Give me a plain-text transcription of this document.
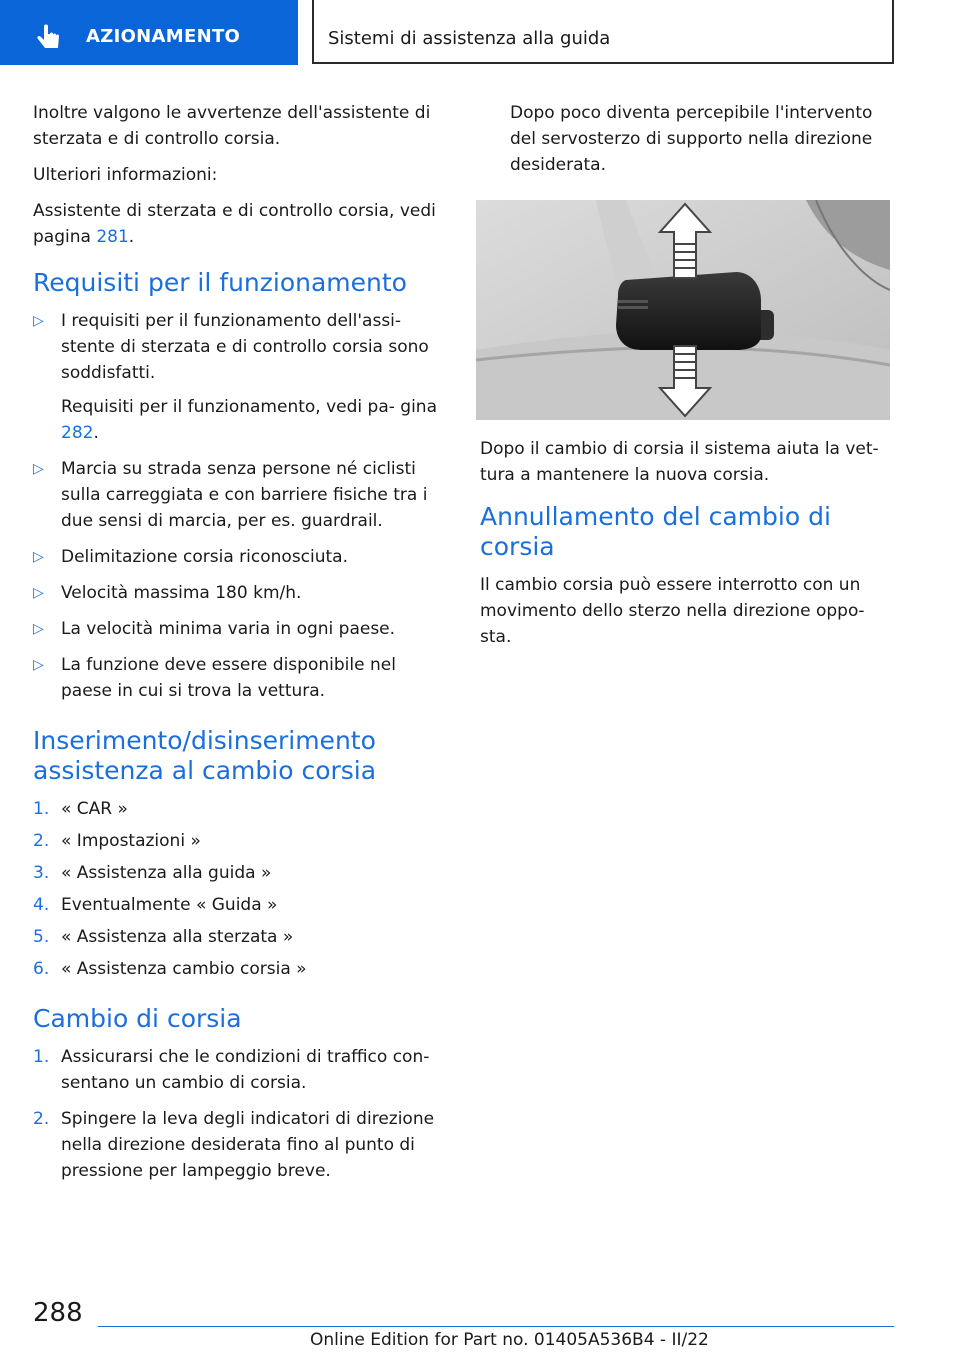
AZIONAMENTO	Sistemi di assistenza alla guida

Inoltre valgono le avvertenze dell'assistente di sterzata e di controllo corsia.

Ulteriori informazioni:

Assistente di sterzata e di controllo corsia, vedi pagina 281.

Requisiti per il funzionamento
▷ I requisiti per il funzionamento dell'assi‐ stente di sterzata e di controllo corsia sono soddisfatti.
Requisiti per il funzionamento, vedi pa‐ gina 282.
▷ Marcia su strada senza persone né ciclisti sulla carreggiata e con barriere fisiche tra i due sensi di marcia, per es. guardrail.
▷ Delimitazione corsia riconosciuta.
▷ Velocità massima 180 km/h.
▷ La velocità minima varia in ogni paese.
▷ La funzione deve essere disponibile nel paese in cui si trova la vettura.
Inserimento/disinserimento assistenza al cambio corsia
1. « CAR »
2. « Impostazioni »
3. « Assistenza alla guida »
4. Eventualmente « Guida »
5. « Assistenza alla sterzata »
6. « Assistenza cambio corsia »
Cambio di corsia
1. Assicurarsi che le condizioni di traffico con‐ sentano un cambio di corsia.
2. Spingere la leva degli indicatori di direzione nella direzione desiderata fino al punto di pressione per lampeggio breve.

Dopo poco diventa percepibile l'intervento del servosterzo di supporto nella direzione desiderata.

Dopo il cambio di corsia il sistema aiuta la vet‐ tura a mantenere la nuova corsia.

Annullamento del cambio di corsia

Il cambio corsia può essere interrotto con un movimento dello sterzo nella direzione oppo‐ sta.

288
Online Edition for Part no. 01405A536B4 - II/22
